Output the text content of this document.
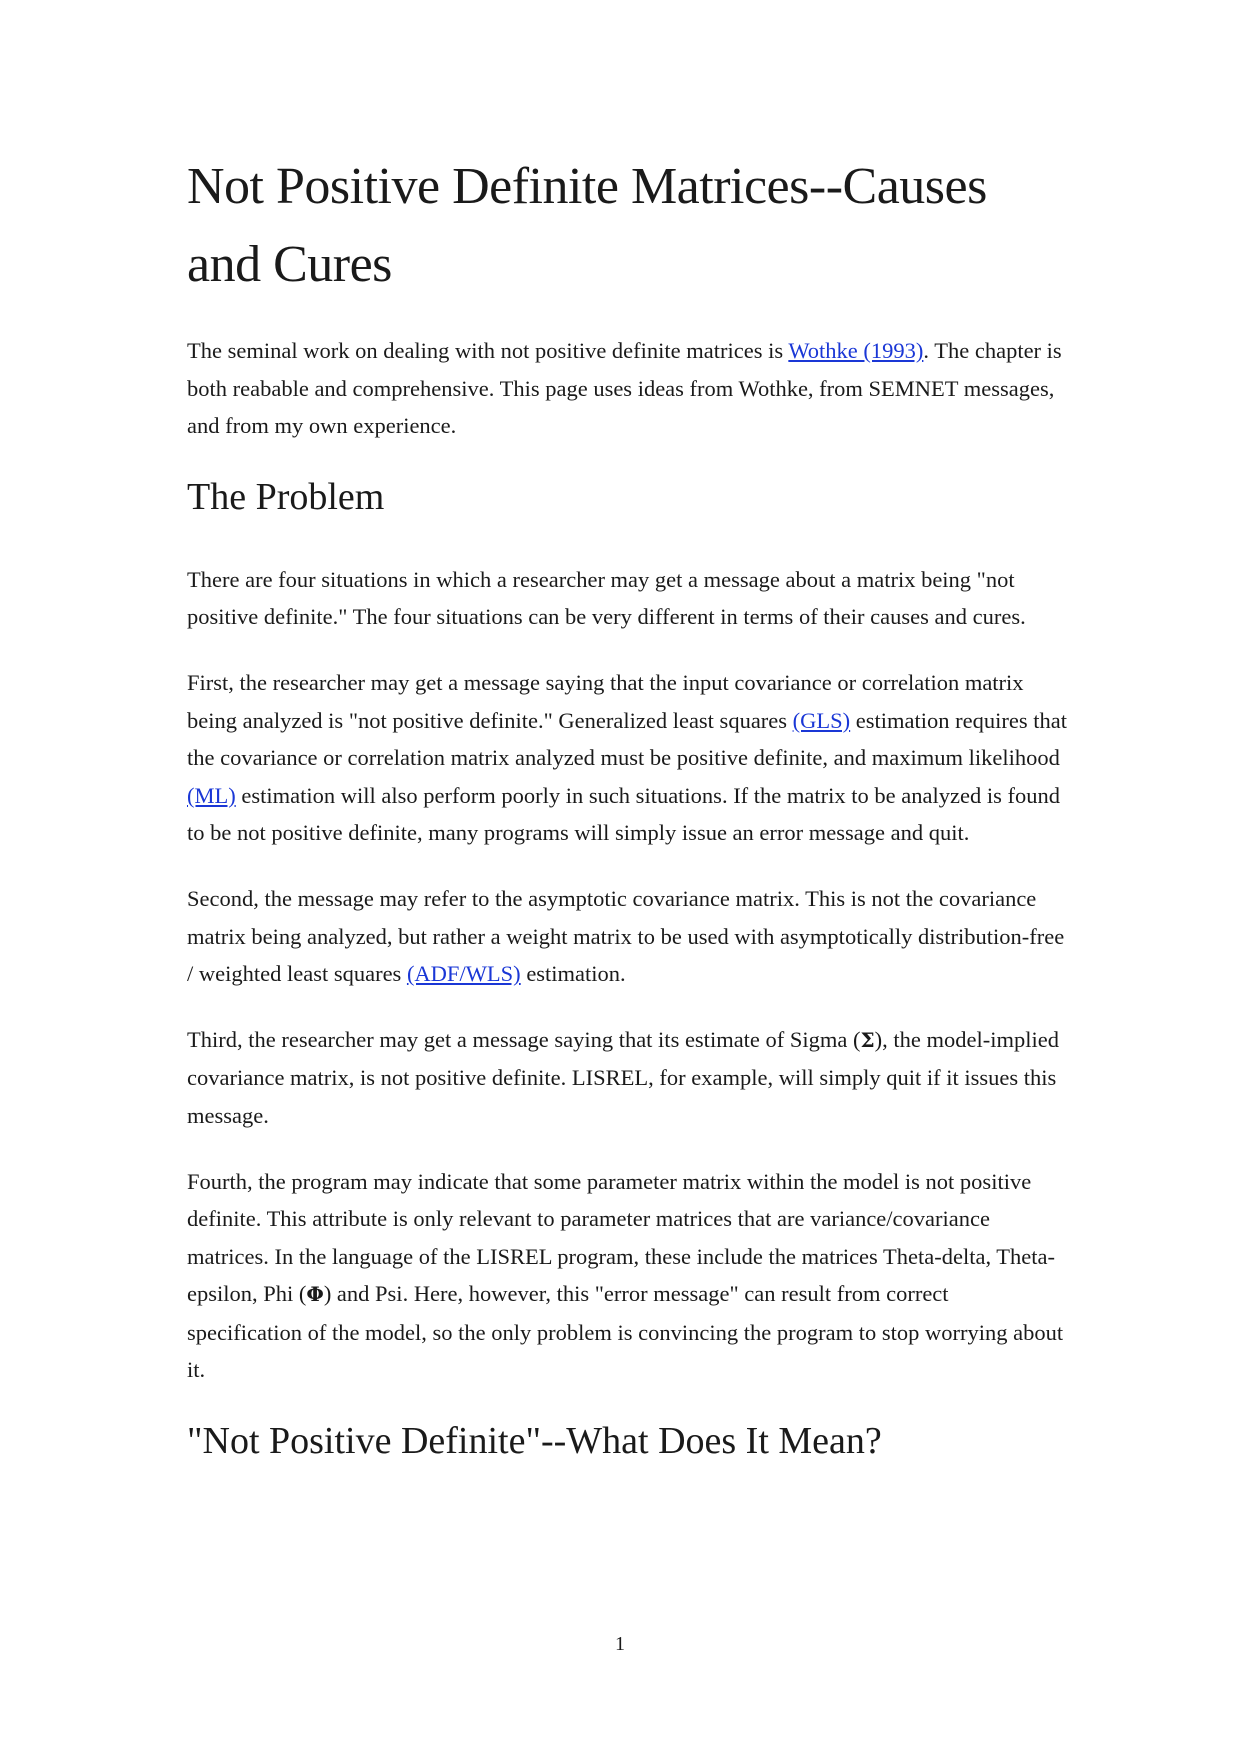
Not Positive Definite Matrices--Causes and Cures

The seminal work on dealing with not positive definite matrices is Wothke (1993). The chapter is both reabable and comprehensive. This page uses ideas from Wothke, from SEMNET messages, and from my own experience.

The Problem

There are four situations in which a researcher may get a message about a matrix being "not positive definite." The four situations can be very different in terms of their causes and cures.

First, the researcher may get a message saying that the input covariance or correlation matrix being analyzed is "not positive definite." Generalized least squares (GLS) estimation requires that the covariance or correlation matrix analyzed must be positive definite, and maximum likelihood (ML) estimation will also perform poorly in such situations. If the matrix to be analyzed is found to be not positive definite, many programs will simply issue an error message and quit.

Second, the message may refer to the asymptotic covariance matrix. This is not the covariance matrix being analyzed, but rather a weight matrix to be used with asymptotically distribution-free / weighted least squares (ADF/WLS) estimation.

Third, the researcher may get a message saying that its estimate of Sigma (Σ), the model-implied covariance matrix, is not positive definite. LISREL, for example, will simply quit if it issues this message.

Fourth, the program may indicate that some parameter matrix within the model is not positive definite. This attribute is only relevant to parameter matrices that are variance/covariance matrices. In the language of the LISREL program, these include the matrices Theta-delta, Theta-epsilon, Phi (Φ) and Psi. Here, however, this "error message" can result from correct specification of the model, so the only problem is convincing the program to stop worrying about it.

"Not Positive Definite"--What Does It Mean?
1
